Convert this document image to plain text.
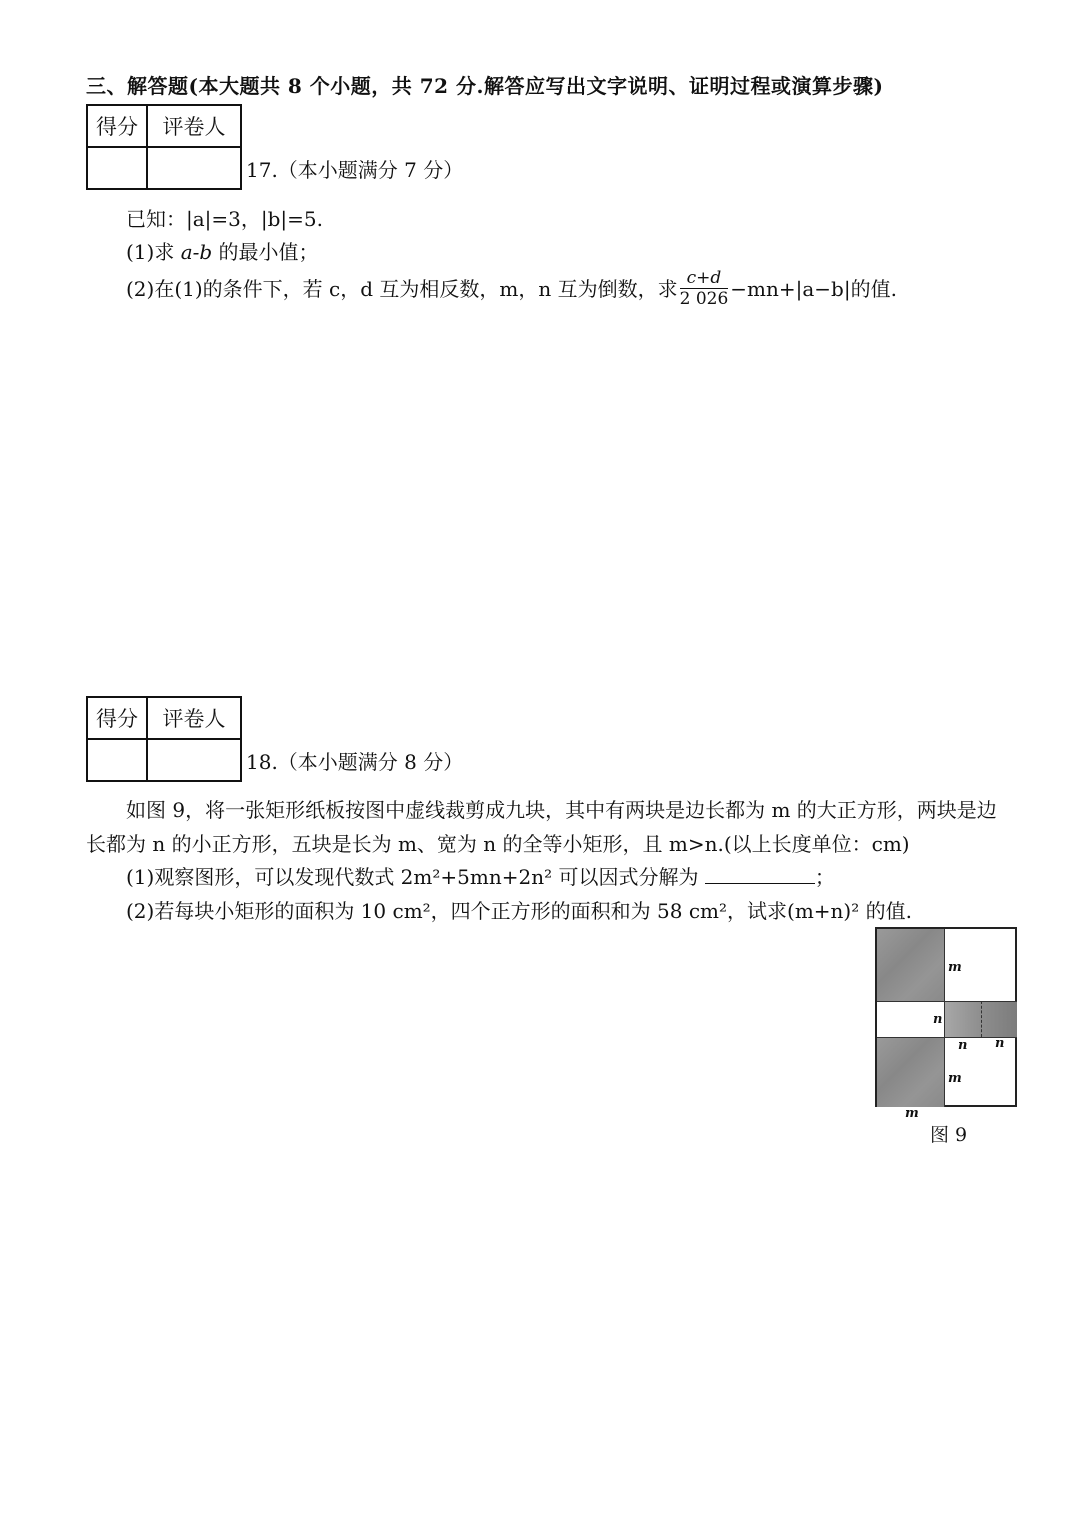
三、解答题(本大题共 8 个小题，共 72 分.解答应写出文字说明、证明过程或演算步骤)
得分	评卷人

17.（本小题满分 7 分）
已知：|a|=3，|b|=5.
(1)求 a-b 的最小值；
(2)在(1)的条件下，若 c，d 互为相反数，m，n 互为倒数，求 $\frac{c+d}{2 026} -mn+|a-b|$的值.
得分	评卷人

18.（本小题满分 8 分）
如图 9，将一张矩形纸板按图中虚线裁剪成九块，其中有两块是边长都为 m 的大正方形，两块是边
长都为 n 的小正方形，五块是长为 m、宽为 n 的全等小矩形，且 m>n.(以上长度单位：cm)
(1)观察图形，可以发现代数式 2m²+5mn+2n² 可以因式分解为	；
(2)若每块小矩形的面积为 10 cm²，四个正方形的面积和为 58 cm²，试求(m+n)² 的值.
m
n
n n
m
m
图 9
